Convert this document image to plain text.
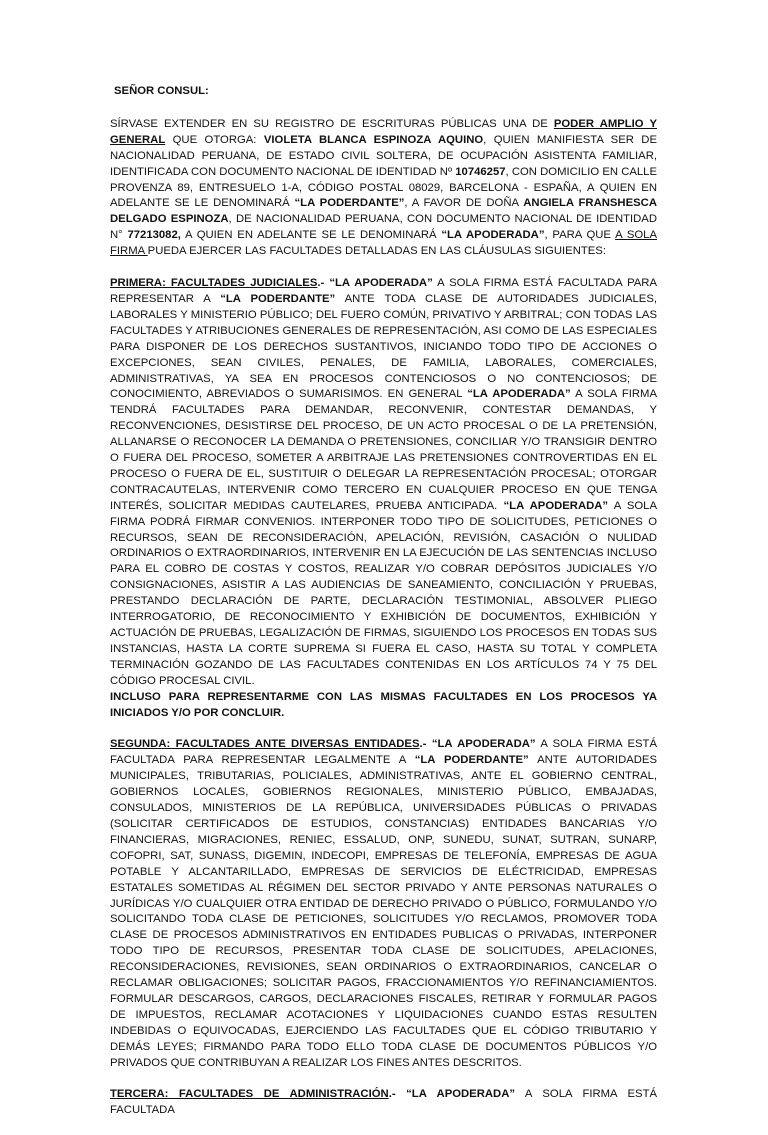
SEÑOR CONSUL:

SÍRVASE EXTENDER EN SU REGISTRO DE ESCRITURAS PÚBLICAS UNA DE PODER AMPLIO Y GENERAL QUE OTORGA: VIOLETA BLANCA ESPINOZA AQUINO, QUIEN MANIFIESTA SER DE NACIONALIDAD PERUANA, DE ESTADO CIVIL SOLTERA, DE OCUPACIÓN ASISTENTA FAMILIAR, IDENTIFICADA CON DOCUMENTO NACIONAL DE IDENTIDAD Nº 10746257, CON DOMICILIO EN CALLE PROVENZA 89, ENTRESUELO 1-A, CÓDIGO POSTAL 08029, BARCELONA - ESPAÑA, A QUIEN EN ADELANTE SE LE DENOMINARÁ “LA PODERDANTE”, A FAVOR DE DOÑA ANGIELA FRANSHESCA DELGADO ESPINOZA, DE NACIONALIDAD PERUANA, CON DOCUMENTO NACIONAL DE IDENTIDAD N° 77213082, A QUIEN EN ADELANTE SE LE DENOMINARÁ “LA APODERADA”, PARA QUE A SOLA FIRMA PUEDA EJERCER LAS FACULTADES DETALLADAS EN LAS CLÁUSULAS SIGUIENTES:

PRIMERA: FACULTADES JUDICIALES.- “LA APODERADA” A SOLA FIRMA ESTÁ FACULTADA PARA REPRESENTAR A “LA PODERDANTE” ANTE TODA CLASE DE AUTORIDADES JUDICIALES, LABORALES Y MINISTERIO PÚBLICO; DEL FUERO COMÚN, PRIVATIVO Y ARBITRAL; CON TODAS LAS FACULTADES Y ATRIBUCIONES GENERALES DE REPRESENTACIÓN, ASI COMO DE LAS ESPECIALES PARA DISPONER DE LOS DERECHOS SUSTANTIVOS, INICIANDO TODO TIPO DE ACCIONES O EXCEPCIONES, SEAN CIVILES, PENALES, DE FAMILIA, LABORALES, COMERCIALES, ADMINISTRATIVAS, YA SEA EN PROCESOS CONTENCIOSOS O NO CONTENCIOSOS; DE CONOCIMIENTO, ABREVIADOS O SUMARISIMOS. EN GENERAL “LA APODERADA” A SOLA FIRMA TENDRÁ FACULTADES PARA DEMANDAR, RECONVENIR, CONTESTAR DEMANDAS, Y RECONVENCIONES, DESISTIRSE DEL PROCESO, DE UN ACTO PROCESAL O DE LA PRETENSIÓN, ALLANARSE O RECONOCER LA DEMANDA O PRETENSIONES, CONCILIAR Y/O TRANSIGIR DENTRO O FUERA DEL PROCESO, SOMETER A ARBITRAJE LAS PRETENSIONES CONTROVERTIDAS EN EL PROCESO O FUERA DE EL, SUSTITUIR O DELEGAR LA REPRESENTACIÓN PROCESAL; OTORGAR CONTRACAUTELAS, INTERVENIR COMO TERCERO EN CUALQUIER PROCESO EN QUE TENGA INTERÉS, SOLICITAR MEDIDAS CAUTELARES, PRUEBA ANTICIPADA. “LA APODERADA” A SOLA FIRMA PODRÁ FIRMAR CONVENIOS. INTERPONER TODO TIPO DE SOLICITUDES, PETICIONES O RECURSOS, SEAN DE RECONSIDERACIÓN, APELACIÓN, REVISIÓN, CASACIÓN O NULIDAD ORDINARIOS O EXTRAORDINARIOS, INTERVENIR EN LA EJECUCIÓN DE LAS SENTENCIAS INCLUSO PARA EL COBRO DE COSTAS Y COSTOS, REALIZAR Y/O COBRAR DEPÓSITOS JUDICIALES Y/O CONSIGNACIONES, ASISTIR A LAS AUDIENCIAS DE SANEAMIENTO, CONCILIACIÓN Y PRUEBAS, PRESTANDO DECLARACIÓN DE PARTE, DECLARACIÓN TESTIMONIAL, ABSOLVER PLIEGO INTERROGATORIO, DE RECONOCIMIENTO Y EXHIBICIÓN DE DOCUMENTOS, EXHIBICIÓN Y ACTUACIÓN DE PRUEBAS, LEGALIZACIÓN DE FIRMAS, SIGUIENDO LOS PROCESOS EN TODAS SUS INSTANCIAS, HASTA LA CORTE SUPREMA SI FUERA EL CASO, HASTA SU TOTAL Y COMPLETA TERMINACIÓN GOZANDO DE LAS FACULTADES CONTENIDAS EN LOS ARTÍCULOS 74 Y 75 DEL CÓDIGO PROCESAL CIVIL.

INCLUSO PARA REPRESENTARME CON LAS MISMAS FACULTADES EN LOS PROCESOS YA INICIADOS Y/O POR CONCLUIR.

SEGUNDA: FACULTADES ANTE DIVERSAS ENTIDADES.- “LA APODERADA” A SOLA FIRMA ESTÁ FACULTADA PARA REPRESENTAR LEGALMENTE A “LA PODERDANTE” ANTE AUTORIDADES MUNICIPALES, TRIBUTARIAS, POLICIALES, ADMINISTRATIVAS, ANTE EL GOBIERNO CENTRAL, GOBIERNOS LOCALES, GOBIERNOS REGIONALES, MINISTERIO PÚBLICO, EMBAJADAS, CONSULADOS, MINISTERIOS DE LA REPÚBLICA, UNIVERSIDADES PÚBLICAS O PRIVADAS (SOLICITAR CERTIFICADOS DE ESTUDIOS, CONSTANCIAS) ENTIDADES BANCARIAS Y/O FINANCIERAS, MIGRACIONES, RENIEC, ESSALUD, ONP, SUNEDU, SUNAT, SUTRAN, SUNARP, COFOPRI, SAT, SUNASS, DIGEMIN, INDECOPI, EMPRESAS DE TELEFONÍA, EMPRESAS DE AGUA POTABLE Y ALCANTARILLADO, EMPRESAS DE SERVICIOS DE ELÉCTRICIDAD, EMPRESAS ESTATALES SOMETIDAS AL RÉGIMEN DEL SECTOR PRIVADO Y ANTE PERSONAS NATURALES O JURÍDICAS Y/O CUALQUIER OTRA ENTIDAD DE DERECHO PRIVADO O PÚBLICO, FORMULANDO Y/O SOLICITANDO TODA CLASE DE PETICIONES, SOLICITUDES Y/O RECLAMOS, PROMOVER TODA CLASE DE PROCESOS ADMINISTRATIVOS EN ENTIDADES PUBLICAS O PRIVADAS, INTERPONER TODO TIPO DE RECURSOS, PRESENTAR TODA CLASE DE SOLICITUDES, APELACIONES, RECONSIDERACIONES, REVISIONES, SEAN ORDINARIOS O EXTRAORDINARIOS, CANCELAR O RECLAMAR OBLIGACIONES; SOLICITAR PAGOS, FRACCIONAMIENTOS Y/O REFINANCIAMIENTOS. FORMULAR DESCARGOS, CARGOS, DECLARACIONES FISCALES, RETIRAR Y FORMULAR PAGOS DE IMPUESTOS, RECLAMAR ACOTACIONES Y LIQUIDACIONES CUANDO ESTAS RESULTEN INDEBIDAS O EQUIVOCADAS, EJERCIENDO LAS FACULTADES QUE EL CÓDIGO TRIBUTARIO Y DEMÁS LEYES; FIRMANDO PARA TODO ELLO TODA CLASE DE DOCUMENTOS PÚBLICOS Y/O PRIVADOS QUE CONTRIBUYAN A REALIZAR LOS FINES ANTES DESCRITOS.

TERCERA: FACULTADES DE ADMINISTRACIÓN.- “LA APODERADA” A SOLA FIRMA ESTÁ FACULTADA
